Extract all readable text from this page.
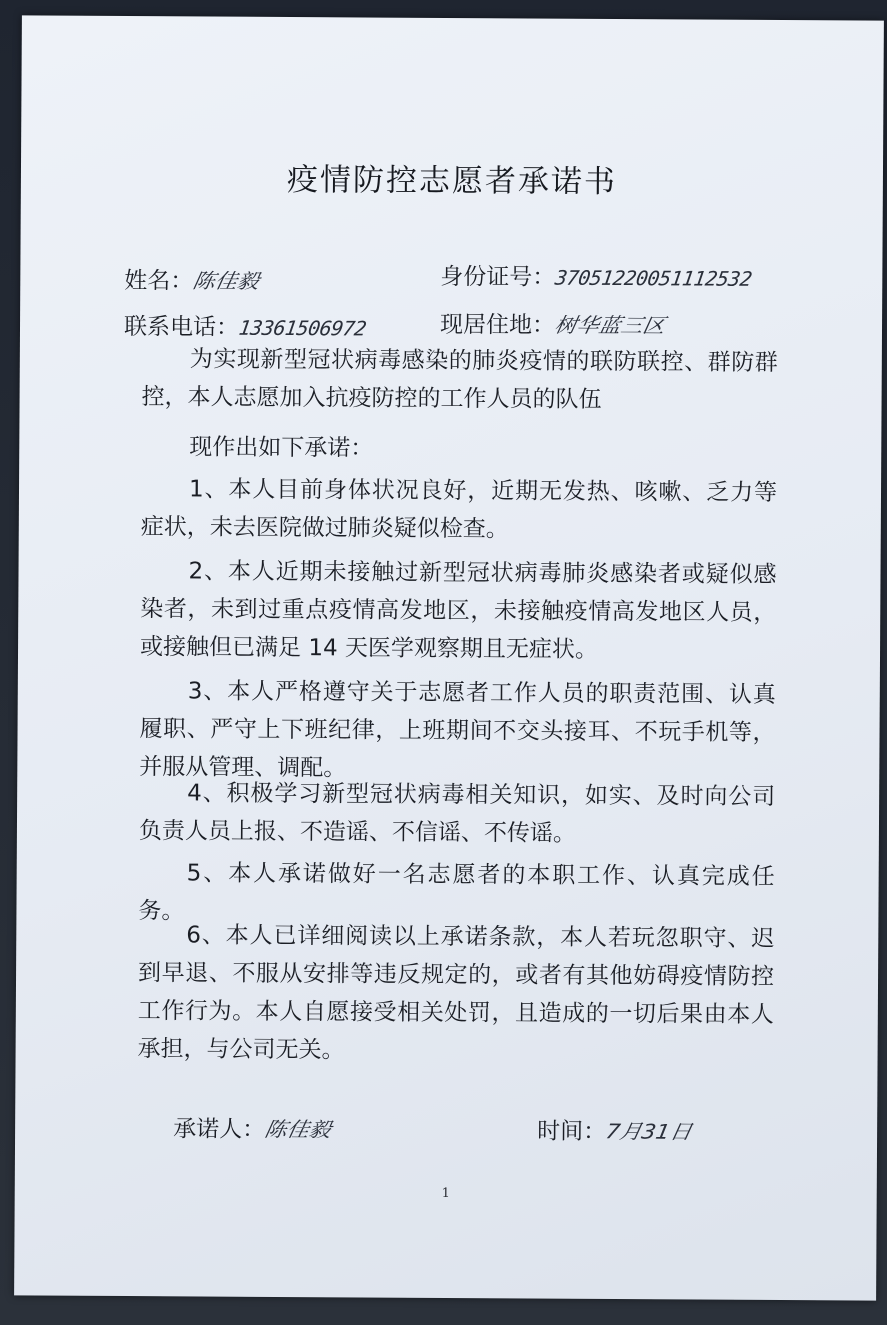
疫情防控志愿者承诺书
姓名：陈佳毅	身份证号：37051220051112532
联系电话：13361506972	现居住地：树华蓝三区

为实现新型冠状病毒感染的肺炎疫情的联防联控、群防群控，本人志愿加入抗疫防控的工作人员的队伍

现作出如下承诺：

1、本人目前身体状况良好，近期无发热、咳嗽、乏力等症状，未去医院做过肺炎疑似检查。

2、本人近期未接触过新型冠状病毒肺炎感染者或疑似感染者，未到过重点疫情高发地区，未接触疫情高发地区人员，或接触但已满足 14 天医学观察期且无症状。

3、本人严格遵守关于志愿者工作人员的职责范围、认真履职、严守上下班纪律，上班期间不交头接耳、不玩手机等，并服从管理、调配。

4、积极学习新型冠状病毒相关知识，如实、及时向公司负责人员上报、不造谣、不信谣、不传谣。

5、本人承诺做好一名志愿者的本职工作、认真完成任务。

6、本人已详细阅读以上承诺条款，本人若玩忽职守、迟到早退、不服从安排等违反规定的，或者有其他妨碍疫情防控工作行为。本人自愿接受相关处罚，且造成的一切后果由本人承担，与公司无关。

承诺人：陈佳毅	时间：7月31日
1
